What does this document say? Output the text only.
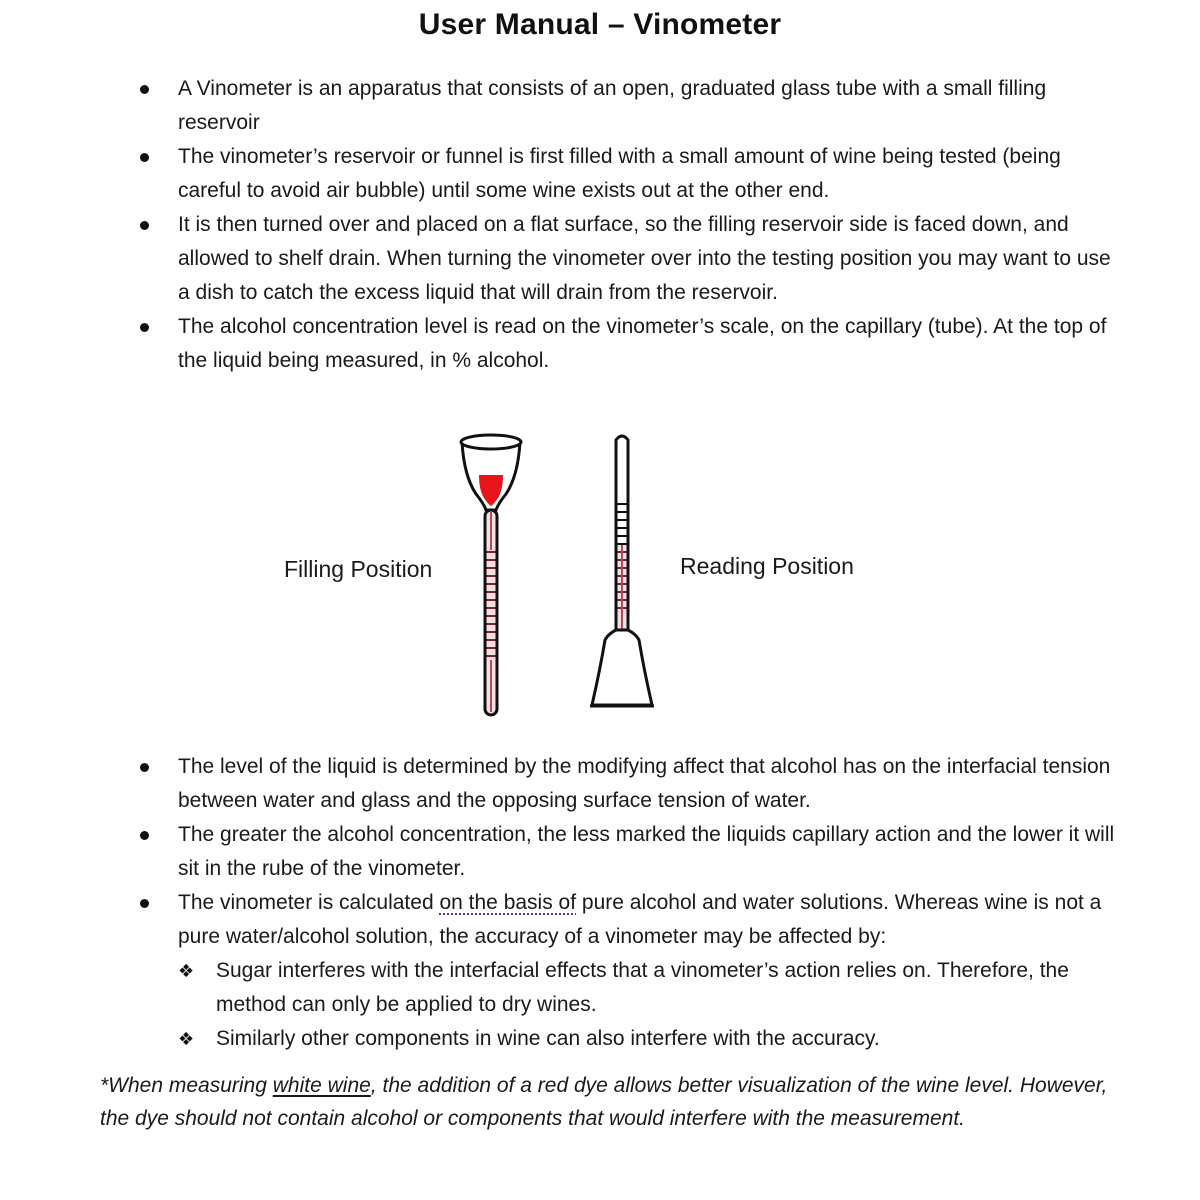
User Manual – Vinometer
A Vinometer is an apparatus that consists of an open, graduated glass tube with a small filling reservoir
The vinometer’s reservoir or funnel is first filled with a small amount of wine being tested (being careful to avoid air bubble) until some wine exists out at the other end.
It is then turned over and placed on a flat surface, so the filling reservoir side is faced down, and allowed to shelf drain. When turning the vinometer over into the testing position you may want to use a dish to catch the excess liquid that will drain from the reservoir.
The alcohol concentration level is read on the vinometer’s scale, on the capillary (tube). At the top of the liquid being measured, in % alcohol.
Filling Position	Reading Position
The level of the liquid is determined by the modifying affect that alcohol has on the interfacial tension between water and glass and the opposing surface tension of water.
The greater the alcohol concentration, the less marked the liquids capillary action and the lower it will sit in the rube of the vinometer.
The vinometer is calculated on the basis of pure alcohol and water solutions. Whereas wine is not a pure water/alcohol solution, the accuracy of a vinometer may be affected by:
❖ Sugar interferes with the interfacial effects that a vinometer’s action relies on. Therefore, the method can only be applied to dry wines.
❖ Similarly other components in wine can also interfere with the accuracy.
*When measuring white wine, the addition of a red dye allows better visualization of the wine level. However, the dye should not contain alcohol or components that would interfere with the measurement.
